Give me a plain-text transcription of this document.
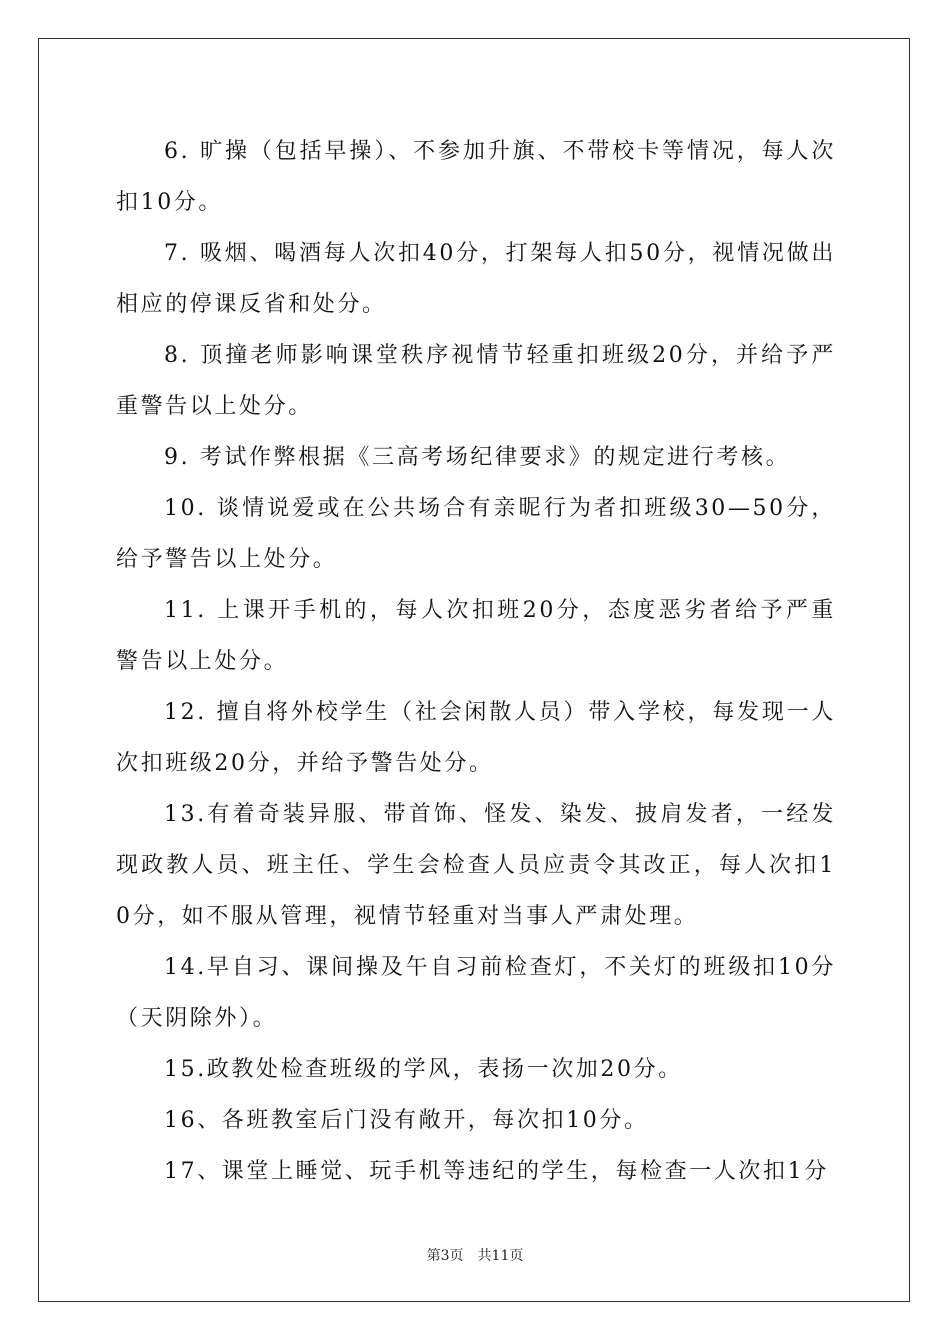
6. 旷操（包括早操）、不参加升旗、不带校卡等情况，每人次扣10分。

7. 吸烟、喝酒每人次扣40分，打架每人扣50分，视情况做出相应的停课反省和处分。

8. 顶撞老师影响课堂秩序视情节轻重扣班级20分，并给予严重警告以上处分。

9. 考试作弊根据《三高考场纪律要求》的规定进行考核。

10. 谈情说爱或在公共场合有亲昵行为者扣班级30—50分，给予警告以上处分。

11. 上课开手机的，每人次扣班20分，态度恶劣者给予严重警告以上处分。

12. 擅自将外校学生（社会闲散人员）带入学校，每发现一人次扣班级20分，并给予警告处分。

13.有着奇装异服、带首饰、怪发、染发、披肩发者，一经发现政教人员、班主任、学生会检查人员应责令其改正，每人次扣10分，如不服从管理，视情节轻重对当事人严肃处理。

14.早自习、课间操及午自习前检查灯，不关灯的班级扣10分（天阴除外）。

15.政教处检查班级的学风，表扬一次加20分。

16、各班教室后门没有敞开，每次扣10分。

17、课堂上睡觉、玩手机等违纪的学生，每检查一人次扣1分

第3页　共11页
